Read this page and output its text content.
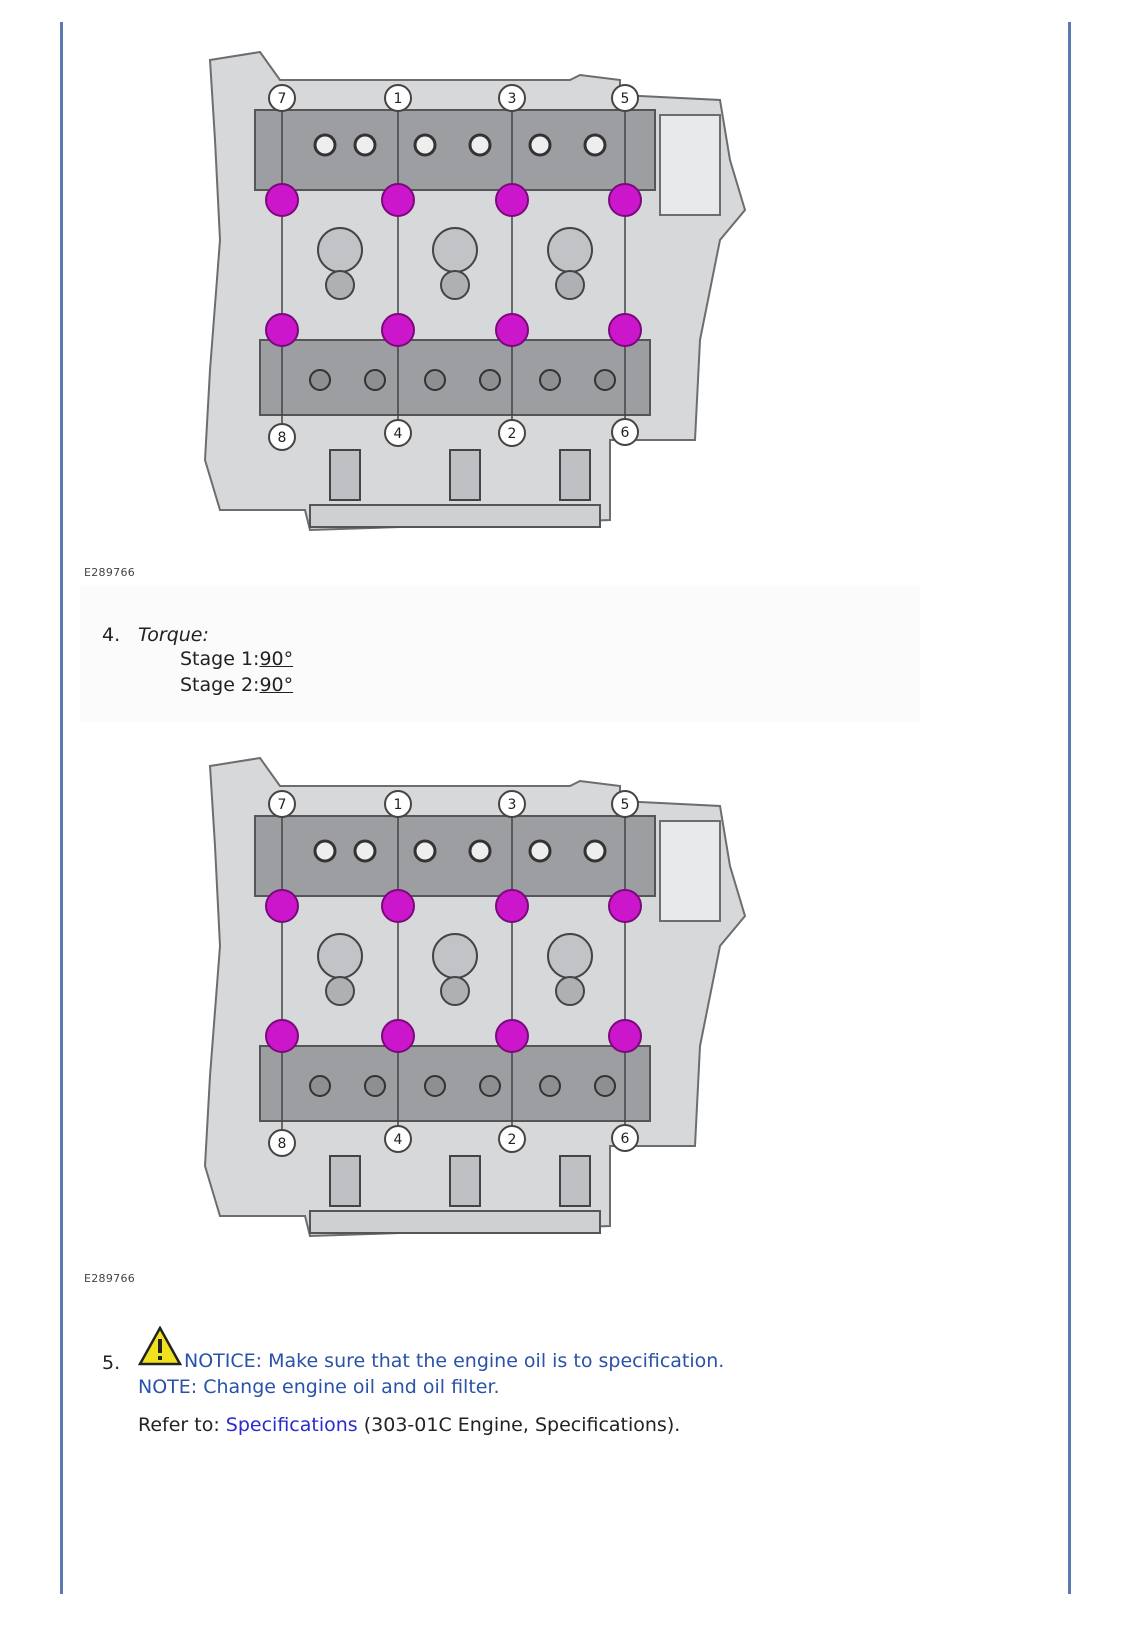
7	1	3	5
8	4	2	6
E289766
4. Torque:
Stage 1:90°
Stage 2:90°
7	1	3	5
8	4	2	6
E289766
5.	NOTICE: Make sure that the engine oil is to specification.
NOTE: Change engine oil and oil filter.
Refer to: Specifications (303-01C Engine, Specifications).
